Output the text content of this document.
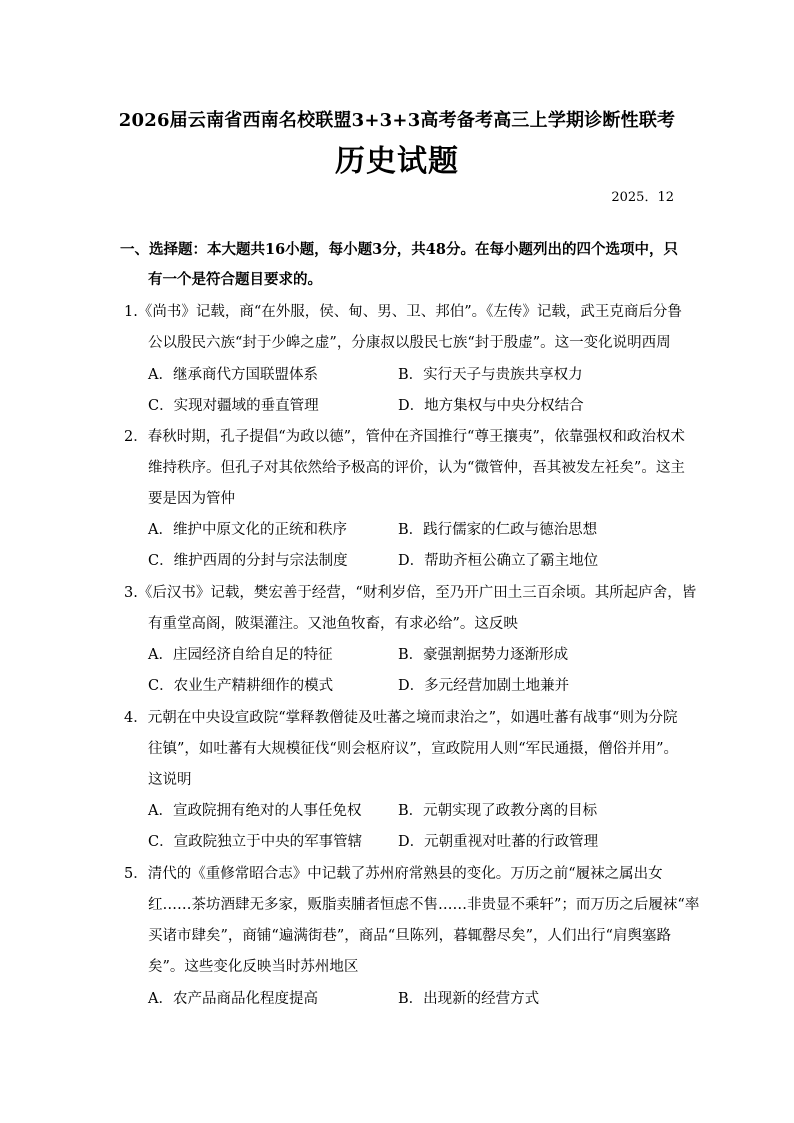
2026届云南省西南名校联盟3+3+3高考备考高三上学期诊断性联考
历史试题
2025．12
一、选择题：本大题共16小题，每小题3分，共48分。在每小题列出的四个选项中，只
有一个是符合题目要求的。
1.《尚书》记载，商“在外服，侯、甸、男、卫、邦伯”。《左传》记载，武王克商后分鲁
公以殷民六族“封于少皞之虚”，分康叔以殷民七族“封于殷虚”。这一变化说明西周
A．继承商代方国联盟体系	B．实行天子与贵族共享权力
C．实现对疆域的垂直管理	D．地方集权与中央分权结合
2．春秋时期，孔子提倡“为政以德”，管仲在齐国推行“尊王攘夷”，依靠强权和政治权术
维持秩序。但孔子对其依然给予极高的评价，认为“微管仲，吾其被发左衽矣”。这主
要是因为管仲
A．维护中原文化的正统和秩序	B．践行儒家的仁政与德治思想
C．维护西周的分封与宗法制度	D．帮助齐桓公确立了霸主地位
3.《后汉书》记载，樊宏善于经营，“财利岁倍，至乃开广田土三百余顷。其所起庐舍，皆
有重堂高阁，陂渠灌注。又池鱼牧畜，有求必给”。这反映
A．庄园经济自给自足的特征	B．豪强割据势力逐渐形成
C．农业生产精耕细作的模式	D．多元经营加剧土地兼并
4．元朝在中央设宣政院“掌释教僧徒及吐蕃之境而隶治之”，如遇吐蕃有战事“则为分院
往镇”，如吐蕃有大规模征伐“则会枢府议”，宣政院用人则“军民通摄，僧俗并用”。
这说明
A．宣政院拥有绝对的人事任免权	B．元朝实现了政教分离的目标
C．宣政院独立于中央的军事管辖 D．元朝重视对吐蕃的行政管理
5．清代的《重修常昭合志》中记载了苏州府常熟县的变化。万历之前“履袜之属出女
红……茶坊酒肆无多家，贩脂卖脯者恒虑不售……非贵显不乘轩”；而万历之后履袜“率
买诸市肆矣”，商铺“遍满街巷”，商品“旦陈列，暮辄罄尽矣”，人们出行“肩舆塞路
矣”。这些变化反映当时苏州地区
A．农产品商品化程度提高	B．出现新的经营方式
